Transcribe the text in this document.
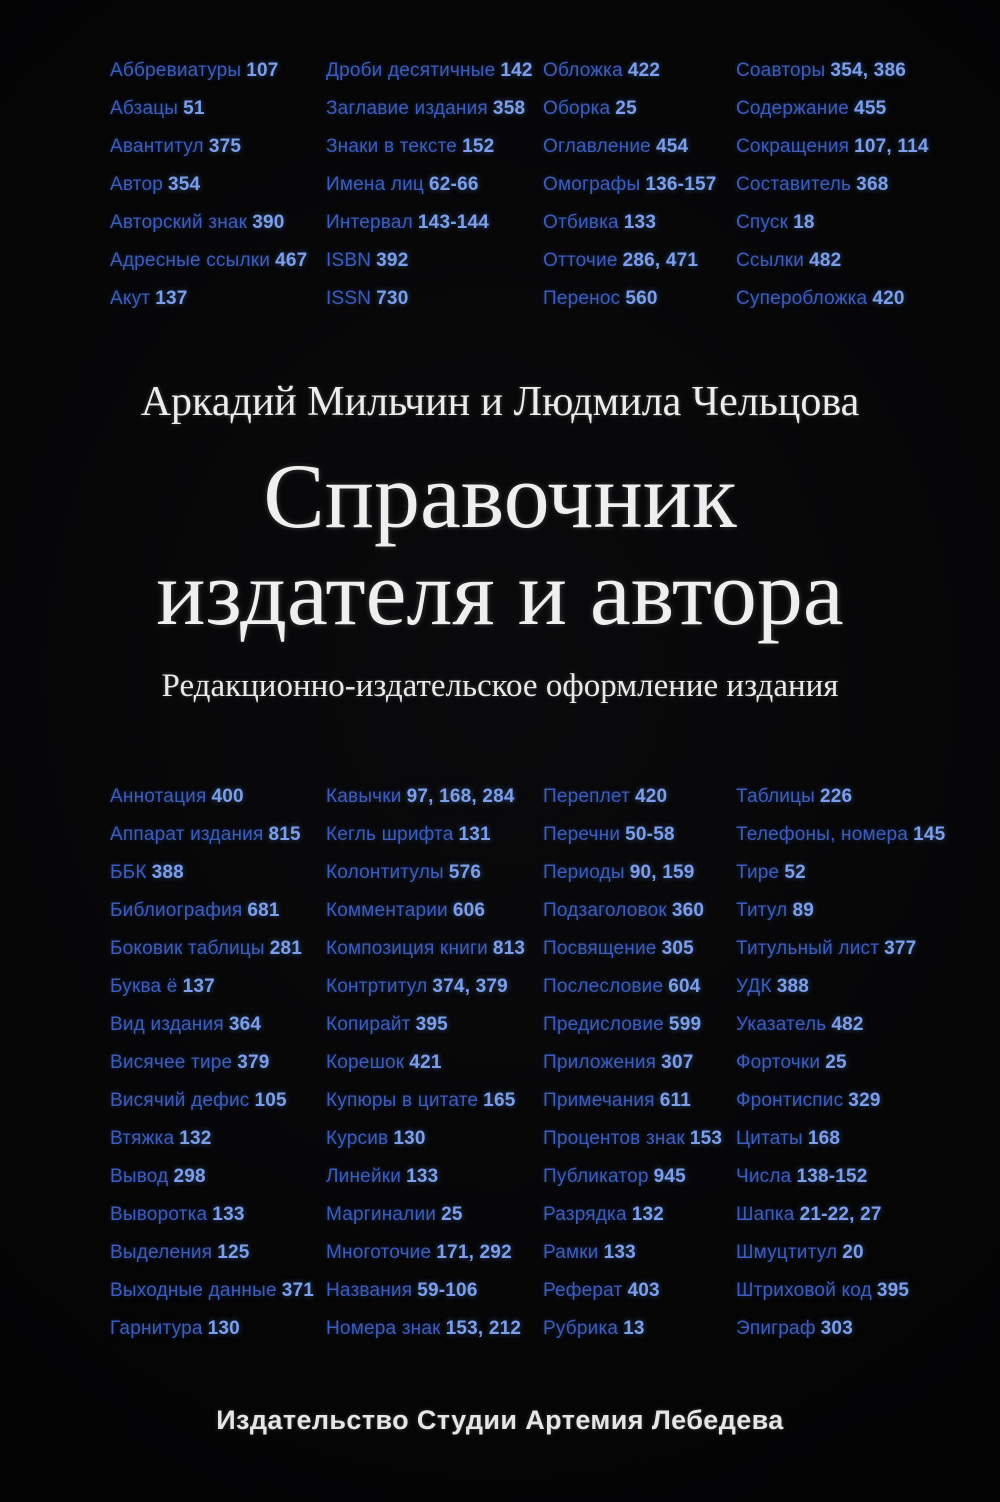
Аббревиатуры 107
Абзацы 51
Авантитул 375
Автор 354
Авторский знак 390
Адресные ссылки 467
Акут 137
Дроби десятичные 142
Заглавие издания 358
Знаки в тексте 152
Имена лиц 62-66
Интервал 143-144
ISBN 392
ISSN 730
Обложка 422
Оборка 25
Оглавление 454
Омографы 136-157
Отбивка 133
Отточие 286, 471
Перенос 560
Соавторы 354, 386
Содержание 455
Сокращения 107, 114
Составитель 368
Спуск 18
Ссылки 482
Суперобложка 420
Аркадий Мильчин и Людмила Чельцова
Справочник
издателя и автора
Редакционно-издательское оформление издания
Аннотация 400
Аппарат издания 815
ББК 388
Библиография 681
Боковик таблицы 281
Буква ё 137
Вид издания 364
Висячее тире 379
Висячий дефис 105
Втяжка 132
Вывод 298
Выворотка 133
Выделения 125
Выходные данные 371
Гарнитура 130
Кавычки 97, 168, 284
Кегль шрифта 131
Колонтитулы 576
Комментарии 606
Композиция книги 813
Контртитул 374, 379
Копирайт 395
Корешок 421
Купюры в цитате 165
Курсив 130
Линейки 133
Маргиналии 25
Многоточие 171, 292
Названия 59-106
Номера знак 153, 212
Переплет 420
Перечни 50-58
Периоды 90, 159
Подзаголовок 360
Посвящение 305
Послесловие 604
Предисловие 599
Приложения 307
Примечания 611
Процентов знак 153
Публикатор 945
Разрядка 132
Рамки 133
Реферат 403
Рубрика 13
Таблицы 226
Телефоны, номера 145
Тире 52
Титул 89
Титульный лист 377
УДК 388
Указатель 482
Форточки 25
Фронтиспис 329
Цитаты 168
Числа 138-152
Шапка 21-22, 27
Шмуцтитул 20
Штриховой код 395
Эпиграф 303
Издательство Студии Артемия Лебедева
